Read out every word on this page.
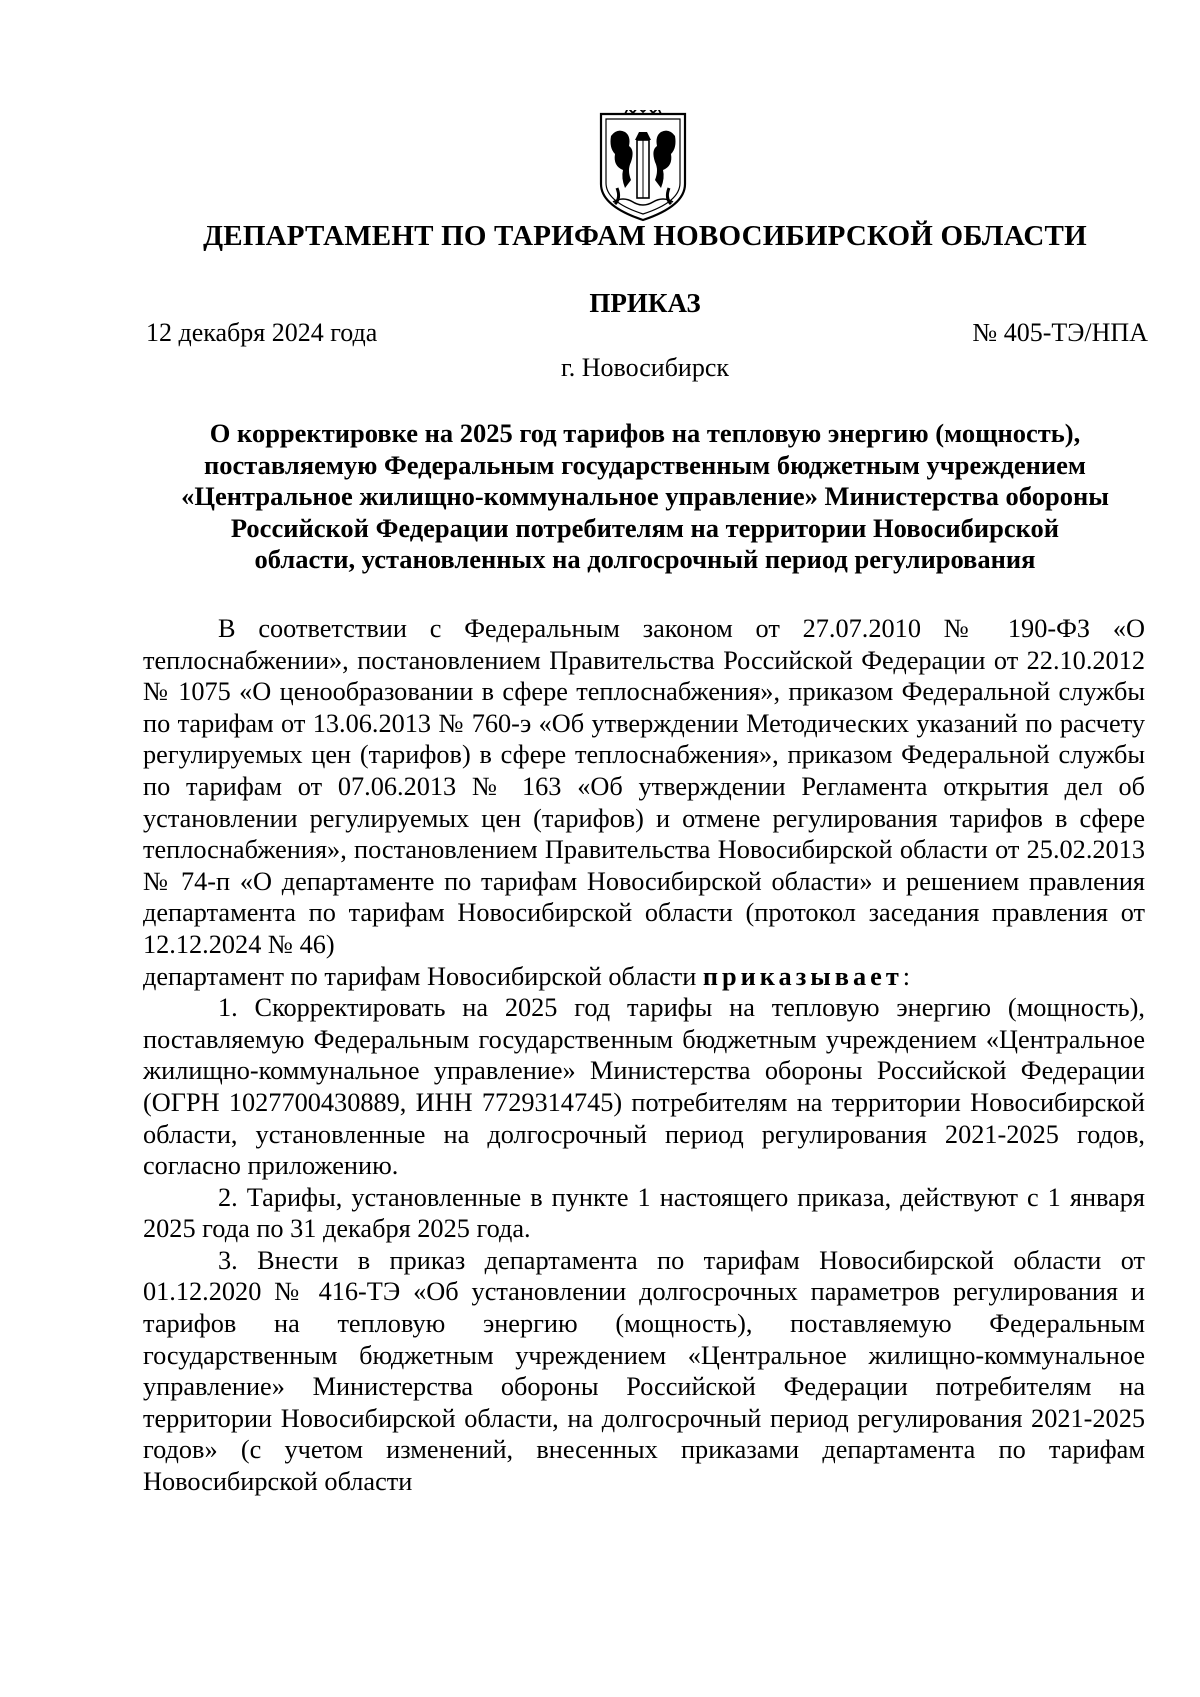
ДЕПАРТАМЕНТ ПО ТАРИФАМ НОВОСИБИРСКОЙ ОБЛАСТИ
ПРИКАЗ
12 декабря 2024 года	№ 405-ТЭ/НПА
г. Новосибирск
О корректировке на 2025 год тарифов на тепловую энергию (мощность),
поставляемую Федеральным государственным бюджетным учреждением
«Центральное жилищно-коммунальное управление» Министерства обороны
Российской Федерации потребителям на территории Новосибирской
области, установленных на долгосрочный период регулирования

В соответствии с Федеральным законом от 27.07.2010 № 190-ФЗ «О теплоснабжении», постановлением Правительства Российской Федерации от 22.10.2012 № 1075 «О ценообразовании в сфере теплоснабжения», приказом Федеральной службы по тарифам от 13.06.2013 № 760-э «Об утверждении Методических указаний по расчету регулируемых цен (тарифов) в сфере теплоснабжения», приказом Федеральной службы по тарифам от 07.06.2013 № 163 «Об утверждении Регламента открытия дел об установлении регулируемых цен (тарифов) и отмене регулирования тарифов в сфере теплоснабжения», постановлением Правительства Новосибирской области от 25.02.2013 № 74-п «О департаменте по тарифам Новосибирской области» и решением правления департамента по тарифам Новосибирской области (протокол заседания правления от 12.12.2024 № 46)

департамент по тарифам Новосибирской области приказывает:

1. Скорректировать на 2025 год тарифы на тепловую энергию (мощность), поставляемую Федеральным государственным бюджетным учреждением «Центральное жилищно-коммунальное управление» Министерства обороны Российской Федерации (ОГРН 1027700430889, ИНН 7729314745) потребителям на территории Новосибирской области, установленные на долгосрочный период регулирования 2021-2025 годов, согласно приложению.

2. Тарифы, установленные в пункте 1 настоящего приказа, действуют с 1 января 2025 года по 31 декабря 2025 года.

3. Внести в приказ департамента по тарифам Новосибирской области от 01.12.2020 № 416-ТЭ «Об установлении долгосрочных параметров регулирования и тарифов на тепловую энергию (мощность), поставляемую Федеральным государственным бюджетным учреждением «Центральное жилищно-коммунальное управление» Министерства обороны Российской Федерации потребителям на территории Новосибирской области, на долгосрочный период регулирования 2021-2025 годов» (с учетом изменений, внесенных приказами департамента по тарифам Новосибирской области
